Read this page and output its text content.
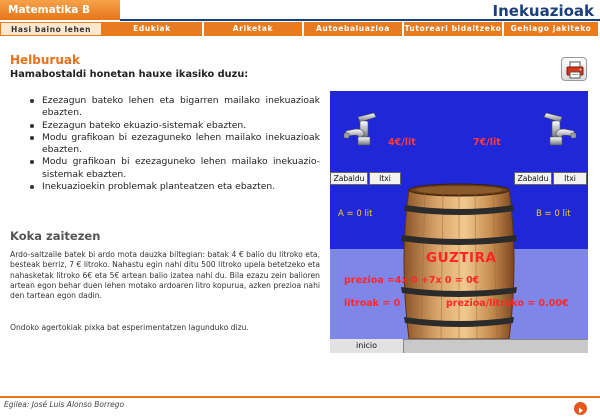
Matematika B	Inekuazioak
Hasi baino lehen	Edukiak	Ariketak	Autoebaluazioa	Tutoreari bidaltzeko	Gehiago jakiteko
Helburuak
Hamabostaldi honetan hauxe ikasiko duzu:
Ezezagun bateko lehen eta bigarren mailako inekuazioak ebazten.
Ezezagun bateko ekuazio-sistemak ebazten.
Modu grafikoan bi ezezaguneko lehen mailako inekuazioak ebazten.
Modu grafikoan bi ezezaguneko lehen mailako inekuazio-sistemak ebazten.
Inekuazioekin problemak planteatzen eta ebazten.
Koka zaitezen
Ardo-saltzaile batek bi ardo mota dauzka biltegian: batak 4 € balio du litroko eta, besteak berriz, 7 € litroko. Nahastu egin nahi ditu 500 litroko upela betetzeko eta nahasketak litroko 6€ eta 5€ artean balio izatea nahi du. Bila ezazu zein balioren artean egon behar duen lehen motako ardoaren litro kopurua, azken prezioa nahi den tartean egon dadin.
Ondoko agertokiak pixka bat esperimentatzen lagunduko dizu.
4€/lit	7€/lit
Zabaldu	Itxi	Zabaldu	Itxi
A = 0 lit	B = 0 lit
GUZTIRA
prezioa =4x 0 +7x 0 = 0€
litroak = 0	prezioa/litroko = 0.00€
inicio
Egilea: José Luis Alonso Borrego
